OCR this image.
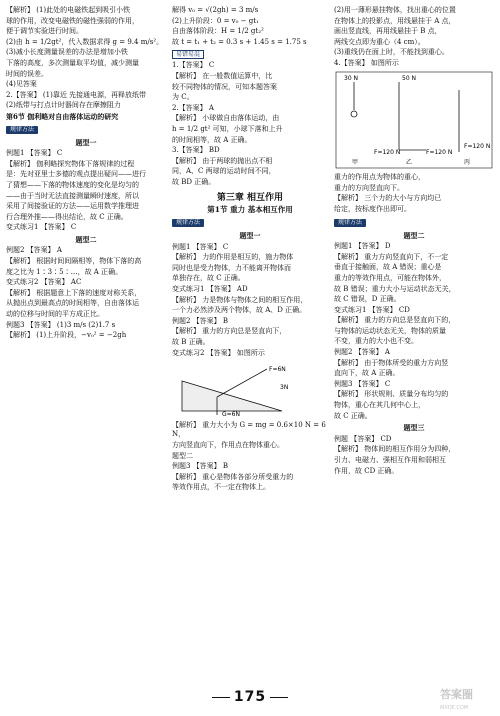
【解析】 (1)此处的电磁铁起到吸引小铁
球的作用，改变电磁铁的磁性强弱的作用，
便于调节实验进行时间。
(2)由 h = 1/2gt²，代入数据求得 g = 9.4 m/s²。
(3)减小长度测量误差的办法是增加小铁
下落的高度，多次测量取平均值，减少测量
时间的误差。
(4)见答案
2.【答案】 (1)靠近 先接通电源，再释放纸带
(2)纸带与打点计时器间存在摩擦阻力
第6节 伽利略对自由落体运动的研究
规律方法
题型一
例题1 【答案】 C
【解析】 伽利略探究物体下落规律的过程
是：先对亚里士多德的观点提出疑问——进行
了猜想——下落的物体速度的变化是均匀的
——由于当时无法直接测量瞬时速度，所以
采用了间接验证的方法——运用数学推理进
行合理外推——得出结论，故 C 正确。
变式练习1 【答案】 C
题型二
例题2 【答案】 A
【解析】 根据时间间隔相等，物体下落的高
度之比为 1∶3∶5∶…，故 A 正确。
变式练习2 【答案】 AC
【解析】 根据题意上下落的速度对称关系，
从抛出点到最高点的时间相等，自由落体运
动的位移与时间的平方成正比。
例题3 【答案】 (1)3 m/s (2)1.7 s
【解析】 (1)上升阶段，−v₀² = −2gh
解得 v₀ = √(2gh) = 3 m/s
(2)上升阶段：0 = v₀ − gt₁
自由落体阶段：H = 1/2 gt₂²
故 t = t₁ + t₂ = 0.3 s + 1.45 s = 1.75 s
易错易混
1.【答案】 C
【解析】 在一般数值运算中，比
较不同物体的情况，可知本题答案
为 C。
2.【答案】 A
【解析】 小球做自由落体运动，由
h = 1/2 gt² 可知，小球下落和上升
的时间相等，故 A 正确。
3.【答案】 BD
【解析】 由于两球的抛出点不相
同，A、C 两球的运动时间不同，
故 BD 正确。
第三章 相互作用
第1节 重力 基本相互作用
规律方法
题型一
例题1 【答案】 C
【解析】 力的作用是相互的，施力物体
同时也是受力物体，力不能离开物体而
单独存在，故 C 正确。
变式练习1 【答案】 AD
【解析】 力是物体与物体之间的相互作用，
一个力必然涉及两个物体，故 A、D 正确。
例题2 【答案】 B
【解析】 重力的方向总是竖直向下，
故 B 正确。
变式练习2 【答案】 如图所示
F=6N
3N
G=6N
【解析】 重力大小为 G = mg = 0.6×10 N = 6 N，
方向竖直向下，作用点在物体重心。
题型二
例题3 【答案】 B
【解析】 重心是物体各部分所受重力的
等效作用点，不一定在物体上。
(2)用一薄形悬挂物体，找出重心的位置
在物体上的投影点，用线悬挂于 A 点，
画出竖直线，再用线悬挂于 B 点，
两线交点即为重心（4 cm）。
(3)重线仍在面上时，不能找到重心。
4.【答案】 如图所示
30 N	50 N
F=120 N	F=120 N
F=120 N
甲	乙	丙
重力的作用点为物体的重心，
重力的方向竖直向下。
【解析】 三个力的大小与方向均已
给定，按标度作出即可。
规律方法
题型二
例题1 【答案】 D
【解析】 重力方向竖直向下，不一定
垂直于接触面，故 A 错误；重心是
重力的等效作用点，可能在物体外，
故 B 错误；重力大小与运动状态无关，
故 C 错误，D 正确。
变式练习1 【答案】 CD
【解析】 重力的方向总是竖直向下的，
与物体的运动状态无关，物体的质量
不变，重力的大小也不变。
例题2 【答案】 A
【解析】 由于物体所受的重力方向竖
直向下，故 A 正确。
例题3 【答案】 C
【解析】 形状规则、质量分布均匀的
物体，重心在其几何中心上，
故 C 正确。
题型三
例题 【答案】 CD
【解析】 物体间的相互作用分为四种，
引力、电磁力、强相互作用和弱相互
作用，故 CD 正确。
175	答案圈
MXQE.COM
